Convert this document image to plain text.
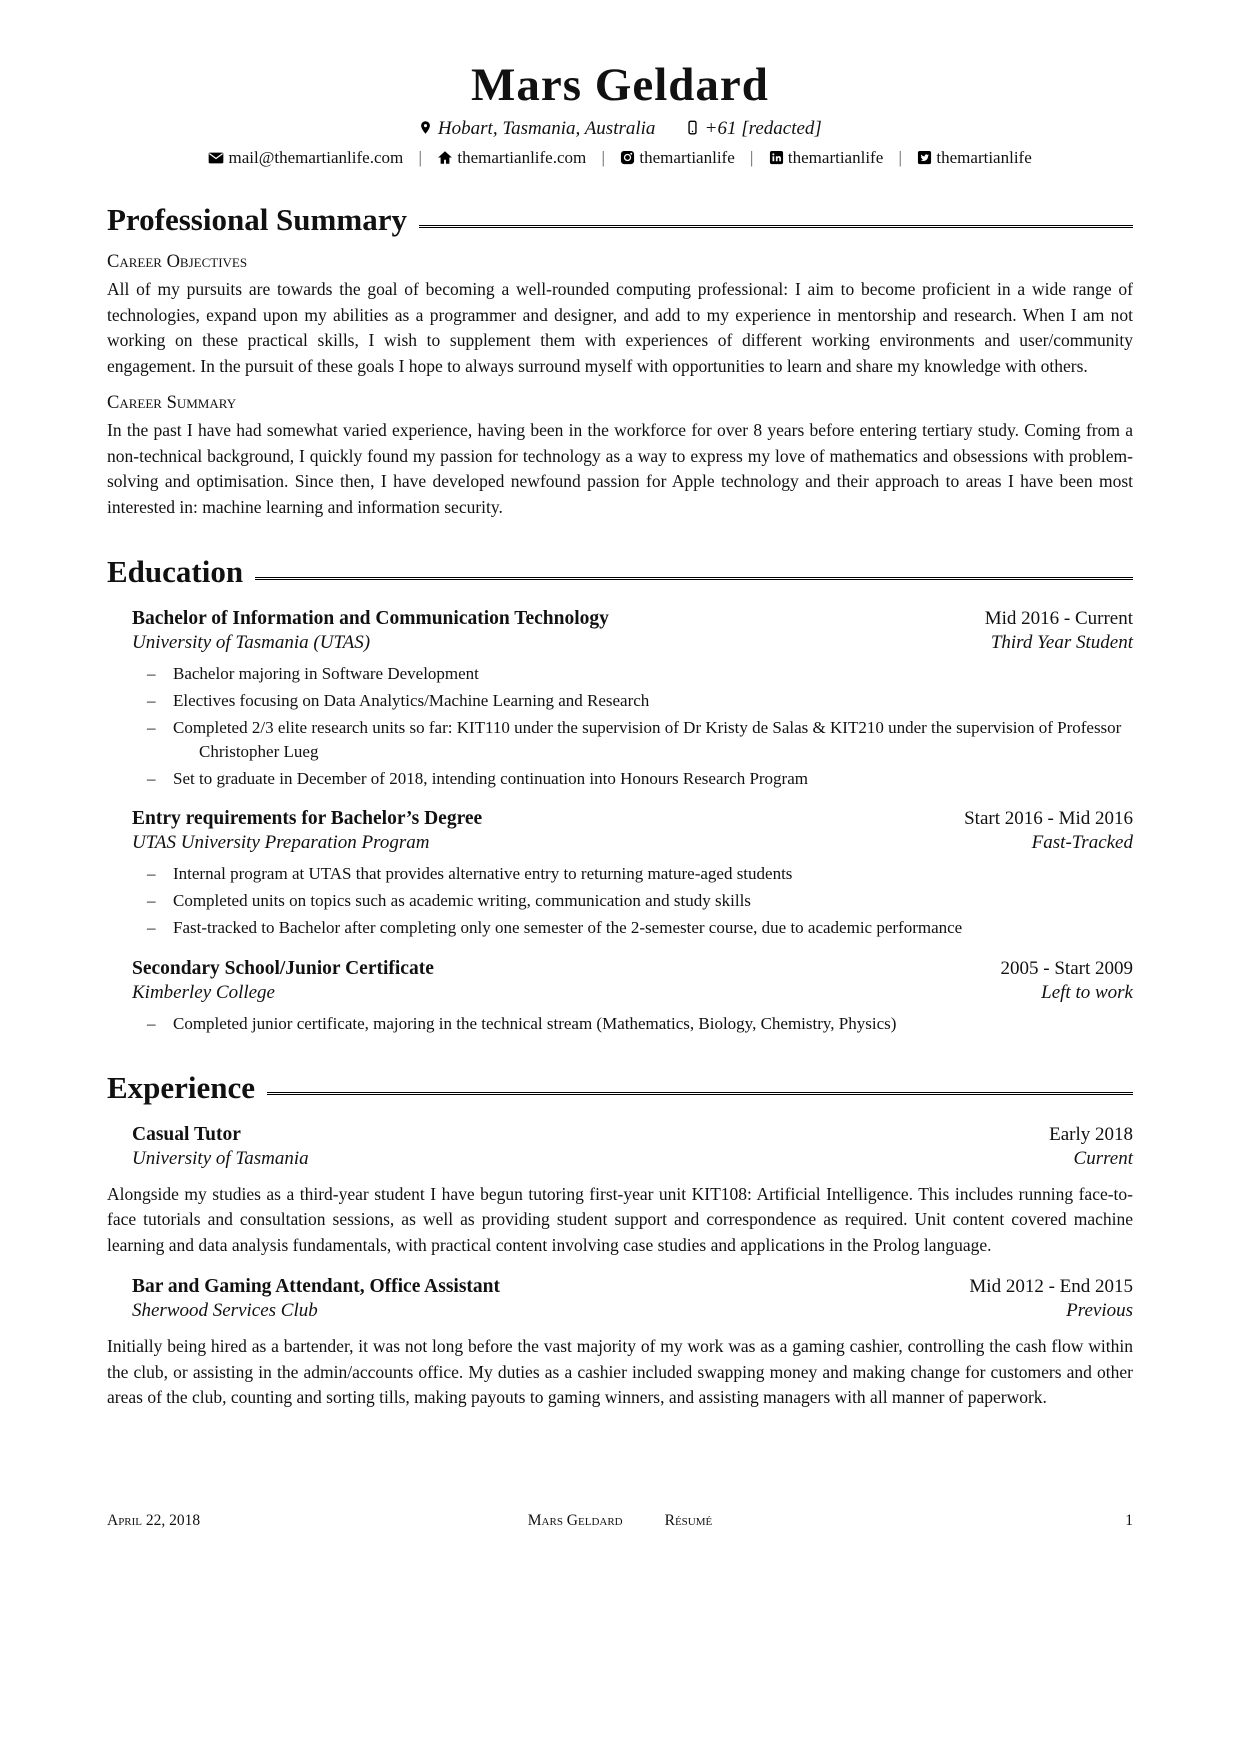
Mars Geldard
Hobart, Tasmania, Australia	+61 [redacted]
mail@themartianlife.com | themartianlife.com | themartianlife | themartianlife | themartianlife
Professional Summary
Career Objectives

All of my pursuits are towards the goal of becoming a well-rounded computing professional: I aim to become proficient in a wide range of technologies, expand upon my abilities as a programmer and designer, and add to my experience in mentorship and research. When I am not working on these practical skills, I wish to supplement them with experiences of different working environments and user/community engagement. In the pursuit of these goals I hope to always surround myself with opportunities to learn and share my knowledge with others.

Career Summary

In the past I have had somewhat varied experience, having been in the workforce for over 8 years before entering tertiary study. Coming from a non-technical background, I quickly found my passion for technology as a way to express my love of mathematics and obsessions with problem-solving and optimisation. Since then, I have developed newfound passion for Apple technology and their approach to areas I have been most interested in: machine learning and information security.

Education
Bachelor of Information and Communication Technology	Mid 2016 - Current
University of Tasmania (UTAS)	Third Year Student
–	Bachelor majoring in Software Development
–	Electives focusing on Data Analytics/Machine Learning and Research
–	Completed 2/3 elite research units so far: KIT110 under the supervision of Dr Kristy de Salas & KIT210 under the supervision of Professor Christopher Lueg
–	Set to graduate in December of 2018, intending continuation into Honours Research Program
Entry requirements for Bachelor’s Degree	Start 2016 - Mid 2016
UTAS University Preparation Program	Fast-Tracked
–	Internal program at UTAS that provides alternative entry to returning mature-aged students
–	Completed units on topics such as academic writing, communication and study skills
–	Fast-tracked to Bachelor after completing only one semester of the 2-semester course, due to academic performance
Secondary School/Junior Certificate	2005 - Start 2009
Kimberley College	Left to work
–	Completed junior certificate, majoring in the technical stream (Mathematics, Biology, Chemistry, Physics)
Experience
Casual Tutor	Early 2018
University of Tasmania	Current

Alongside my studies as a third-year student I have begun tutoring first-year unit KIT108: Artificial Intelligence. This includes running face-to-face tutorials and consultation sessions, as well as providing student support and correspondence as required. Unit content covered machine learning and data analysis fundamentals, with practical content involving case studies and applications in the Prolog language.

Bar and Gaming Attendant, Office Assistant	Mid 2012 - End 2015
Sherwood Services Club	Previous

Initially being hired as a bartender, it was not long before the vast majority of my work was as a gaming cashier, controlling the cash flow within the club, or assisting in the admin/accounts office. My duties as a cashier included swapping money and making change for customers and other areas of the club, counting and sorting tills, making payouts to gaming winners, and assisting managers with all manner of paperwork.

April 22, 2018	Mars Geldard	Résumé	1
